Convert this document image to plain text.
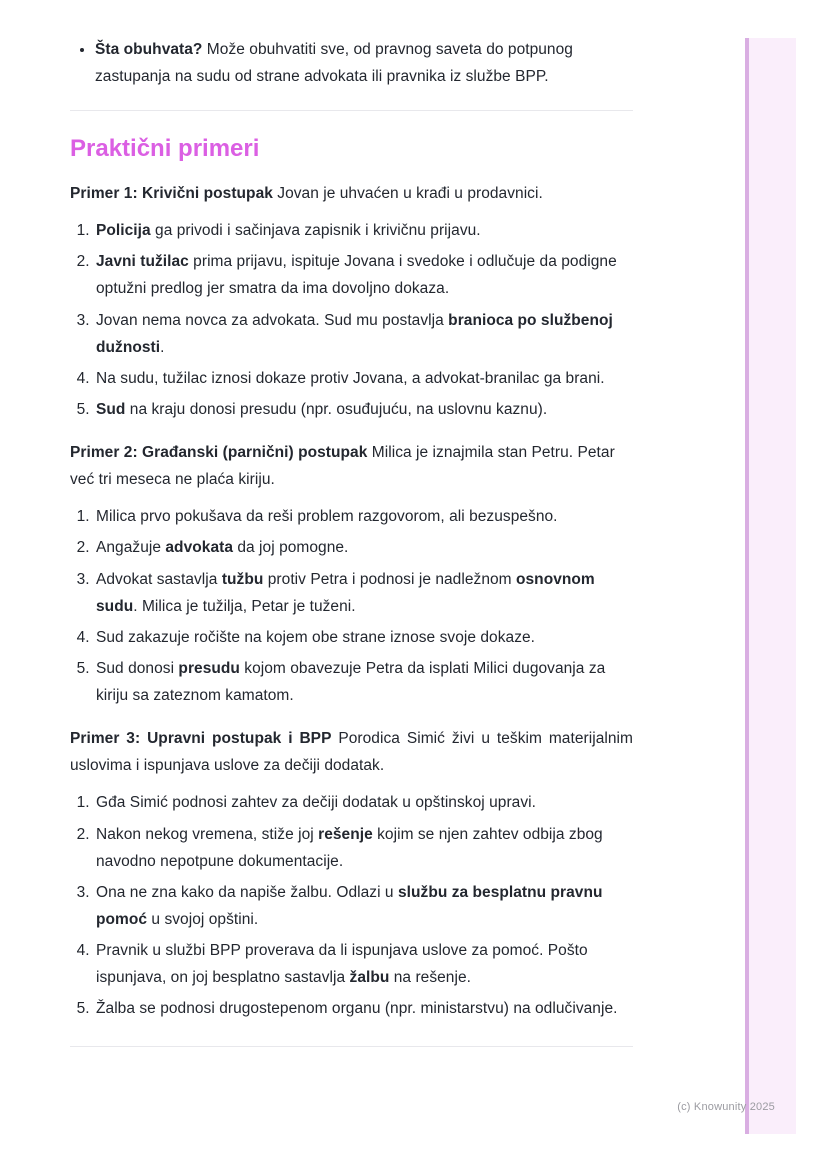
• Šta obuhvata? Može obuhvatiti sve, od pravnog saveta do potpunog zastupanja na sudu od strane advokata ili pravnika iz službe BPP.
Praktični primeri

Primer 1: Krivični postupak Jovan je uhvaćen u krađi u prodavnici.

1. Policija ga privodi i sačinjava zapisnik i krivičnu prijavu.
2. Javni tužilac prima prijavu, ispituje Jovana i svedoke i odlučuje da podigne optužni predlog jer smatra da ima dovoljno dokaza.
3. Jovan nema novca za advokata. Sud mu postavlja branioca po službenoj dužnosti.
4. Na sudu, tužilac iznosi dokaze protiv Jovana, a advokat-branilac ga brani.
5. Sud na kraju donosi presudu (npr. osuđujuću, na uslovnu kaznu).

Primer 2: Građanski (parnični) postupak Milica je iznajmila stan Petru. Petar već tri meseca ne plaća kiriju.

1. Milica prvo pokušava da reši problem razgovorom, ali bezuspešno.
2. Angažuje advokata da joj pomogne.
3. Advokat sastavlja tužbu protiv Petra i podnosi je nadležnom osnovnom sudu. Milica je tužilja, Petar je tuženi.
4. Sud zakazuje ročište na kojem obe strane iznose svoje dokaze.
5. Sud donosi presudu kojom obavezuje Petra da isplati Milici dugovanja za kiriju sa zateznom kamatom.

Primer 3: Upravni postupak i BPP Porodica Simić živi u teškim materijalnim uslovima i ispunjava uslove za dečiji dodatak.

1. Gđa Simić podnosi zahtev za dečiji dodatak u opštinskoj upravi.
2. Nakon nekog vremena, stiže joj rešenje kojim se njen zahtev odbija zbog navodno nepotpune dokumentacije.
3. Ona ne zna kako da napiše žalbu. Odlazi u službu za besplatnu pravnu pomoć u svojoj opštini.
4. Pravnik u službi BPP proverava da li ispunjava uslove za pomoć. Pošto ispunjava, on joj besplatno sastavlja žalbu na rešenje.
5. Žalba se podnosi drugostepenom organu (npr. ministarstvu) na odlučivanje.
(c) Knowunity 2025
